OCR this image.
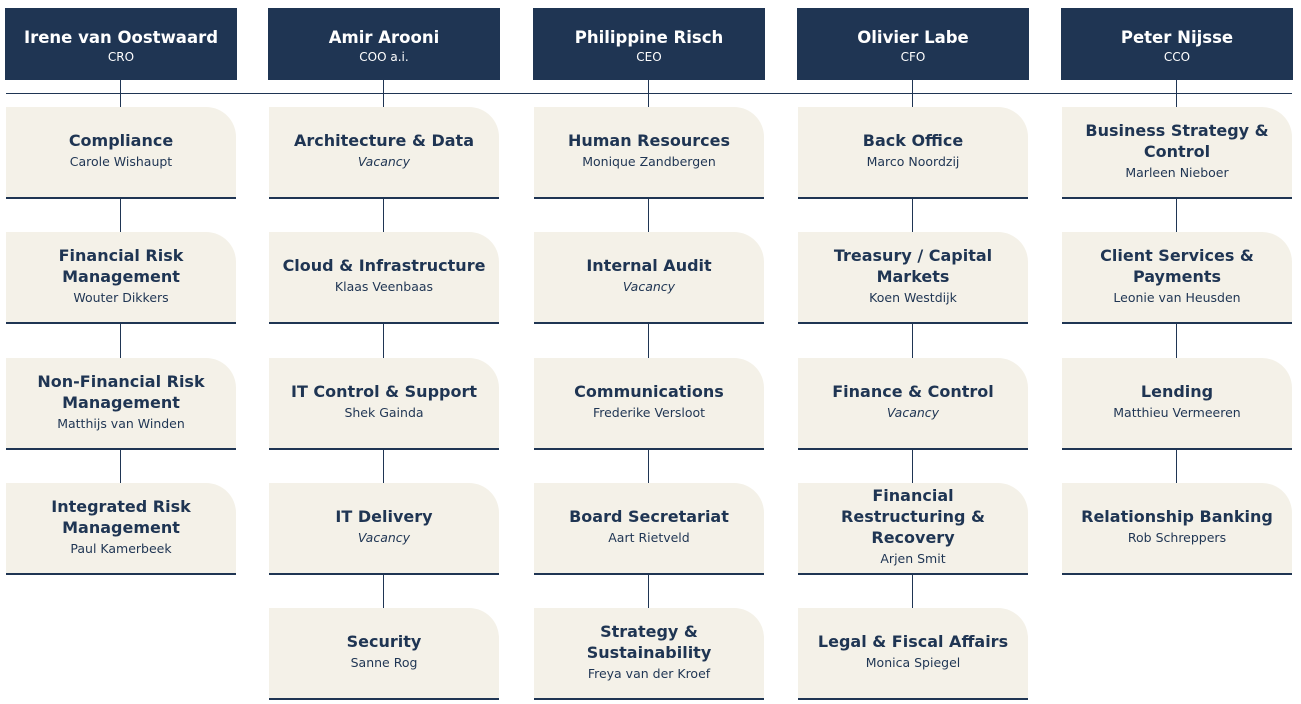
Irene van Oostwaard
CRO
Compliance
Carole Wishaupt
Financial Risk Management
Wouter Dikkers
Non-Financial Risk Management
Matthijs van Winden
Integrated Risk Management
Paul Kamerbeek
Amir Arooni
COO a.i.
Architecture & Data
Vacancy
Cloud & Infrastructure
Klaas Veenbaas
IT Control & Support
Shek Gainda
IT Delivery
Vacancy
Security
Sanne Rog
Philippine Risch
CEO
Human Resources
Monique Zandbergen
Internal Audit
Vacancy
Communications
Frederike Versloot
Board Secretariat
Aart Rietveld
Strategy & Sustainability
Freya van der Kroef
Olivier Labe
CFO
Back Office
Marco Noordzij
Treasury / Capital Markets
Koen Westdijk
Finance & Control
Vacancy
Financial Restructuring & Recovery
Arjen Smit
Legal & Fiscal Affairs
Monica Spiegel
Peter Nijsse
CCO
Business Strategy & Control
Marleen Nieboer
Client Services & Payments
Leonie van Heusden
Lending
Matthieu Vermeeren
Relationship Banking
Rob Schreppers
